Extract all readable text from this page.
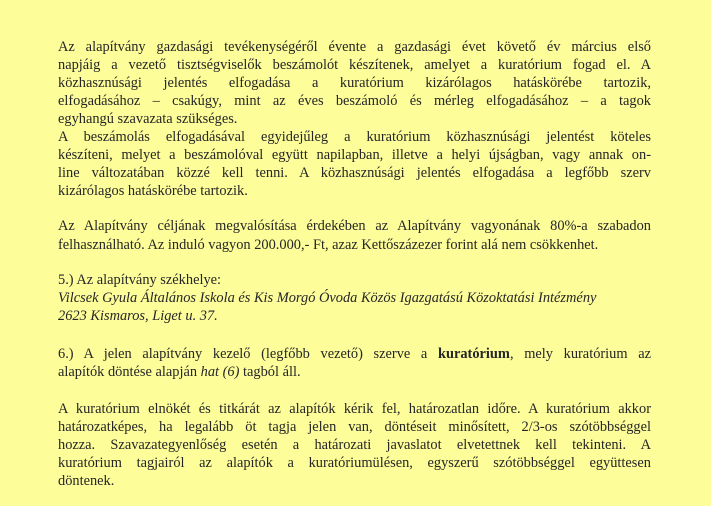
Az alapítvány gazdasági tevékenységéről évente a gazdasági évet követő év március első
napjáig a vezető tisztségviselők beszámolót készítenek, amelyet a kuratórium fogad el. A
közhasznúsági jelentés elfogadása a kuratórium kizárólagos hatáskörébe tartozik,
elfogadásához – csakúgy, mint az éves beszámoló és mérleg elfogadásához – a tagok
egyhangú szavazata szükséges.
A beszámolás elfogadásával egyidejűleg a kuratórium közhasznúsági jelentést köteles
készíteni, melyet a beszámolóval együtt napilapban, illetve a helyi újságban, vagy annak on-
line változatában közzé kell tenni. A közhasznúsági jelentés elfogadása a legfőbb szerv
kizárólagos hatáskörébe tartozik.
Az Alapítvány céljának megvalósítása érdekében az Alapítvány vagyonának 80%-a szabadon
felhasználható. Az induló vagyon 200.000,- Ft, azaz Kettőszázezer forint alá nem csökkenhet.
5.) Az alapítvány székhelye:
Vilcsek Gyula Általános Iskola és Kis Morgó Óvoda Közös Igazgatású Közoktatási Intézmény
2623 Kismaros, Liget u. 37.
6.) A jelen alapítvány kezelő (legfőbb vezető) szerve a kuratórium, mely kuratórium az
alapítók döntése alapján hat (6) tagból áll.
A kuratórium elnökét és titkárát az alapítók kérik fel, határozatlan időre. A kuratórium akkor
határozatképes, ha legalább öt tagja jelen van, döntéseit minősített, 2/3-os szótöbbséggel
hozza. Szavazategyenlőség esetén a határozati javaslatot elvetettnek kell tekinteni. A
kuratórium tagjairól az alapítók a kuratóriumülésen, egyszerű szótöbbséggel együttesen
döntenek.
